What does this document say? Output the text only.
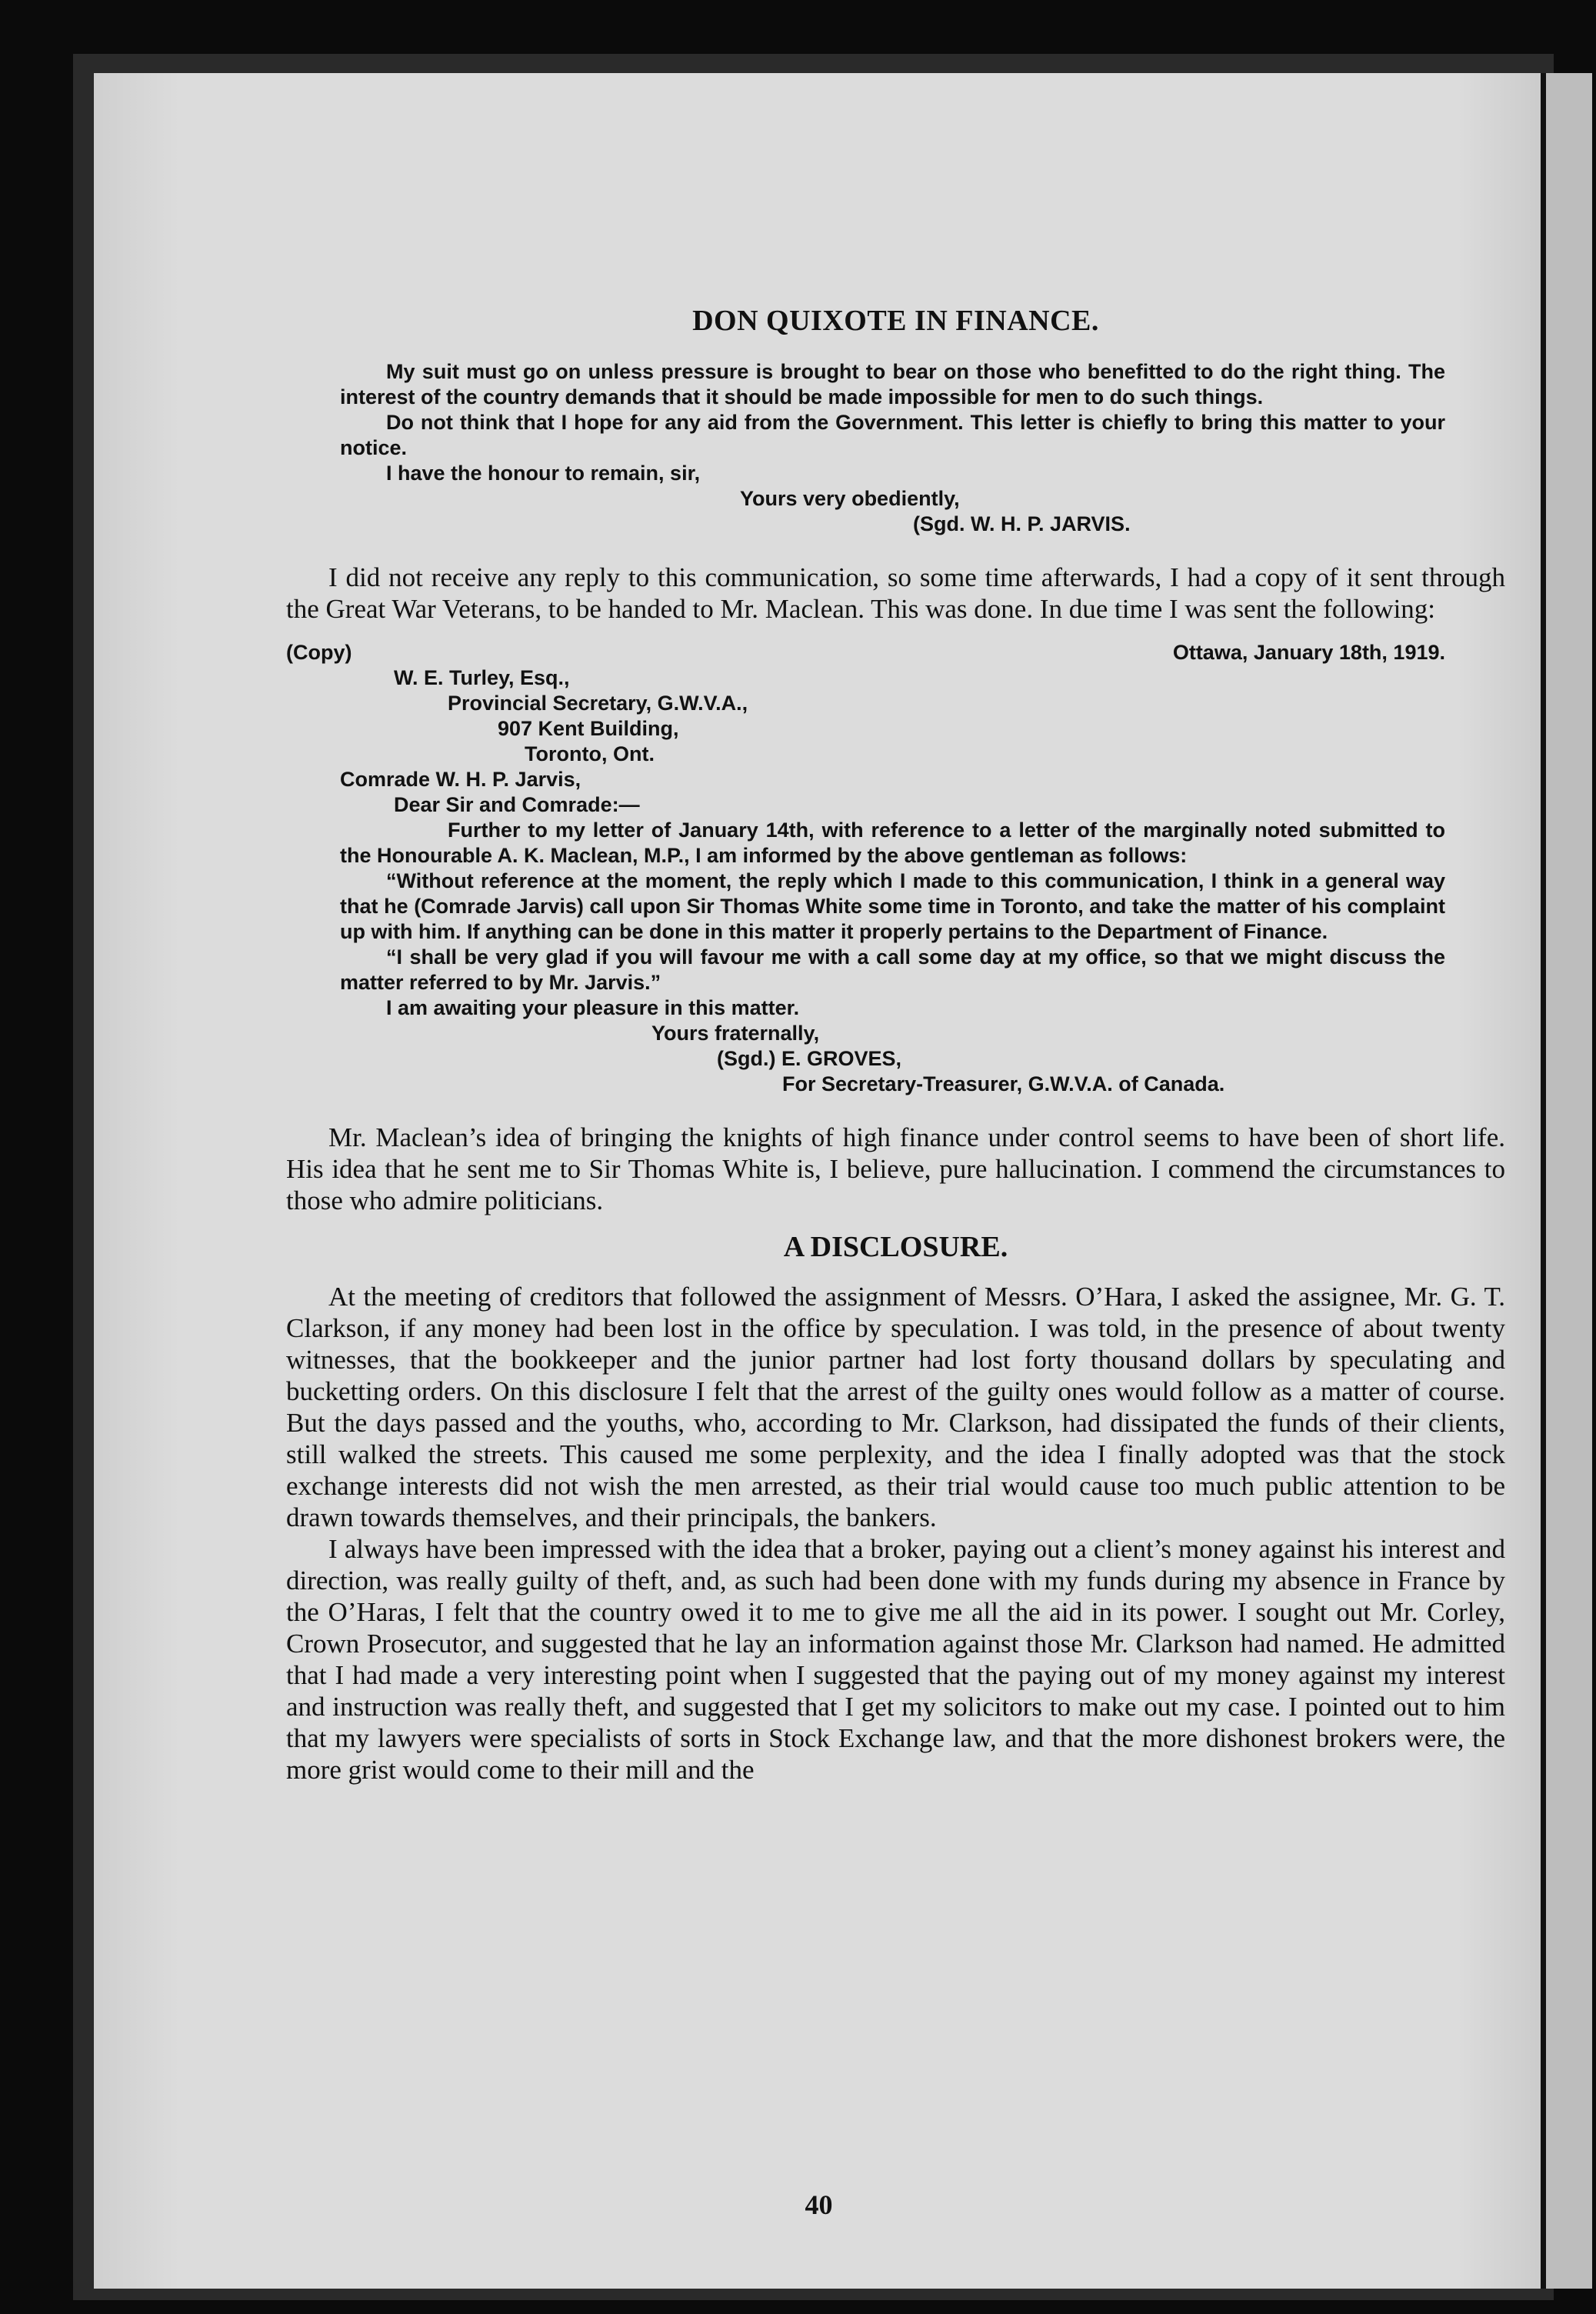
DON QUIXOTE IN FINANCE.

My suit must go on unless pressure is brought to bear on those who benefitted to do the right thing. The interest of the country demands that it should be made impossible for men to do such things.

Do not think that I hope for any aid from the Government. This letter is chiefly to bring this matter to your notice.

I have the honour to remain, sir,

Yours very obediently,

(Sgd. W. H. P. JARVIS.

I did not receive any reply to this communication, so some time afterwards, I had a copy of it sent through the Great War Veterans, to be handed to Mr. Maclean. This was done. In due time I was sent the following:

(Copy)	Ottawa, January 18th, 1919.

W. E. Turley, Esq.,

Provincial Secretary, G.W.V.A.,

907 Kent Building,

Toronto, Ont.

Comrade W. H. P. Jarvis,

Dear Sir and Comrade:—

Further to my letter of January 14th, with reference to a letter of the marginally noted submitted to the Honourable A. K. Maclean, M.P., I am informed by the above gentleman as follows:

“Without reference at the moment, the reply which I made to this communication, I think in a general way that he (Comrade Jarvis) call upon Sir Thomas White some time in Toronto, and take the matter of his complaint up with him. If anything can be done in this matter it properly pertains to the Department of Finance.

“I shall be very glad if you will favour me with a call some day at my office, so that we might discuss the matter referred to by Mr. Jarvis.”

I am awaiting your pleasure in this matter.

Yours fraternally,

(Sgd.) E. GROVES,

For Secretary-Treasurer, G.W.V.A. of Canada.

Mr. Maclean’s idea of bringing the knights of high finance under control seems to have been of short life. His idea that he sent me to Sir Thomas White is, I believe, pure hallucination. I commend the circumstances to those who admire politicians.

A DISCLOSURE.

At the meeting of creditors that followed the assignment of Messrs. O’Hara, I asked the assignee, Mr. G. T. Clarkson, if any money had been lost in the office by speculation. I was told, in the presence of about twenty witnesses, that the bookkeeper and the junior partner had lost forty thousand dollars by speculating and bucketting orders. On this disclosure I felt that the arrest of the guilty ones would follow as a matter of course. But the days passed and the youths, who, according to Mr. Clarkson, had dissipated the funds of their clients, still walked the streets. This caused me some perplexity, and the idea I finally adopted was that the stock exchange interests did not wish the men arrested, as their trial would cause too much public attention to be drawn towards themselves, and their principals, the bankers.

I always have been impressed with the idea that a broker, paying out a client’s money against his interest and direction, was really guilty of theft, and, as such had been done with my funds during my absence in France by the O’Haras, I felt that the country owed it to me to give me all the aid in its power. I sought out Mr. Corley, Crown Prosecutor, and suggested that he lay an information against those Mr. Clarkson had named. He admitted that I had made a very interesting point when I suggested that the paying out of my money against my interest and instruction was really theft, and suggested that I get my solicitors to make out my case. I pointed out to him that my lawyers were specialists of sorts in Stock Exchange law, and that the more dishonest brokers were, the more grist would come to their mill and the

40
